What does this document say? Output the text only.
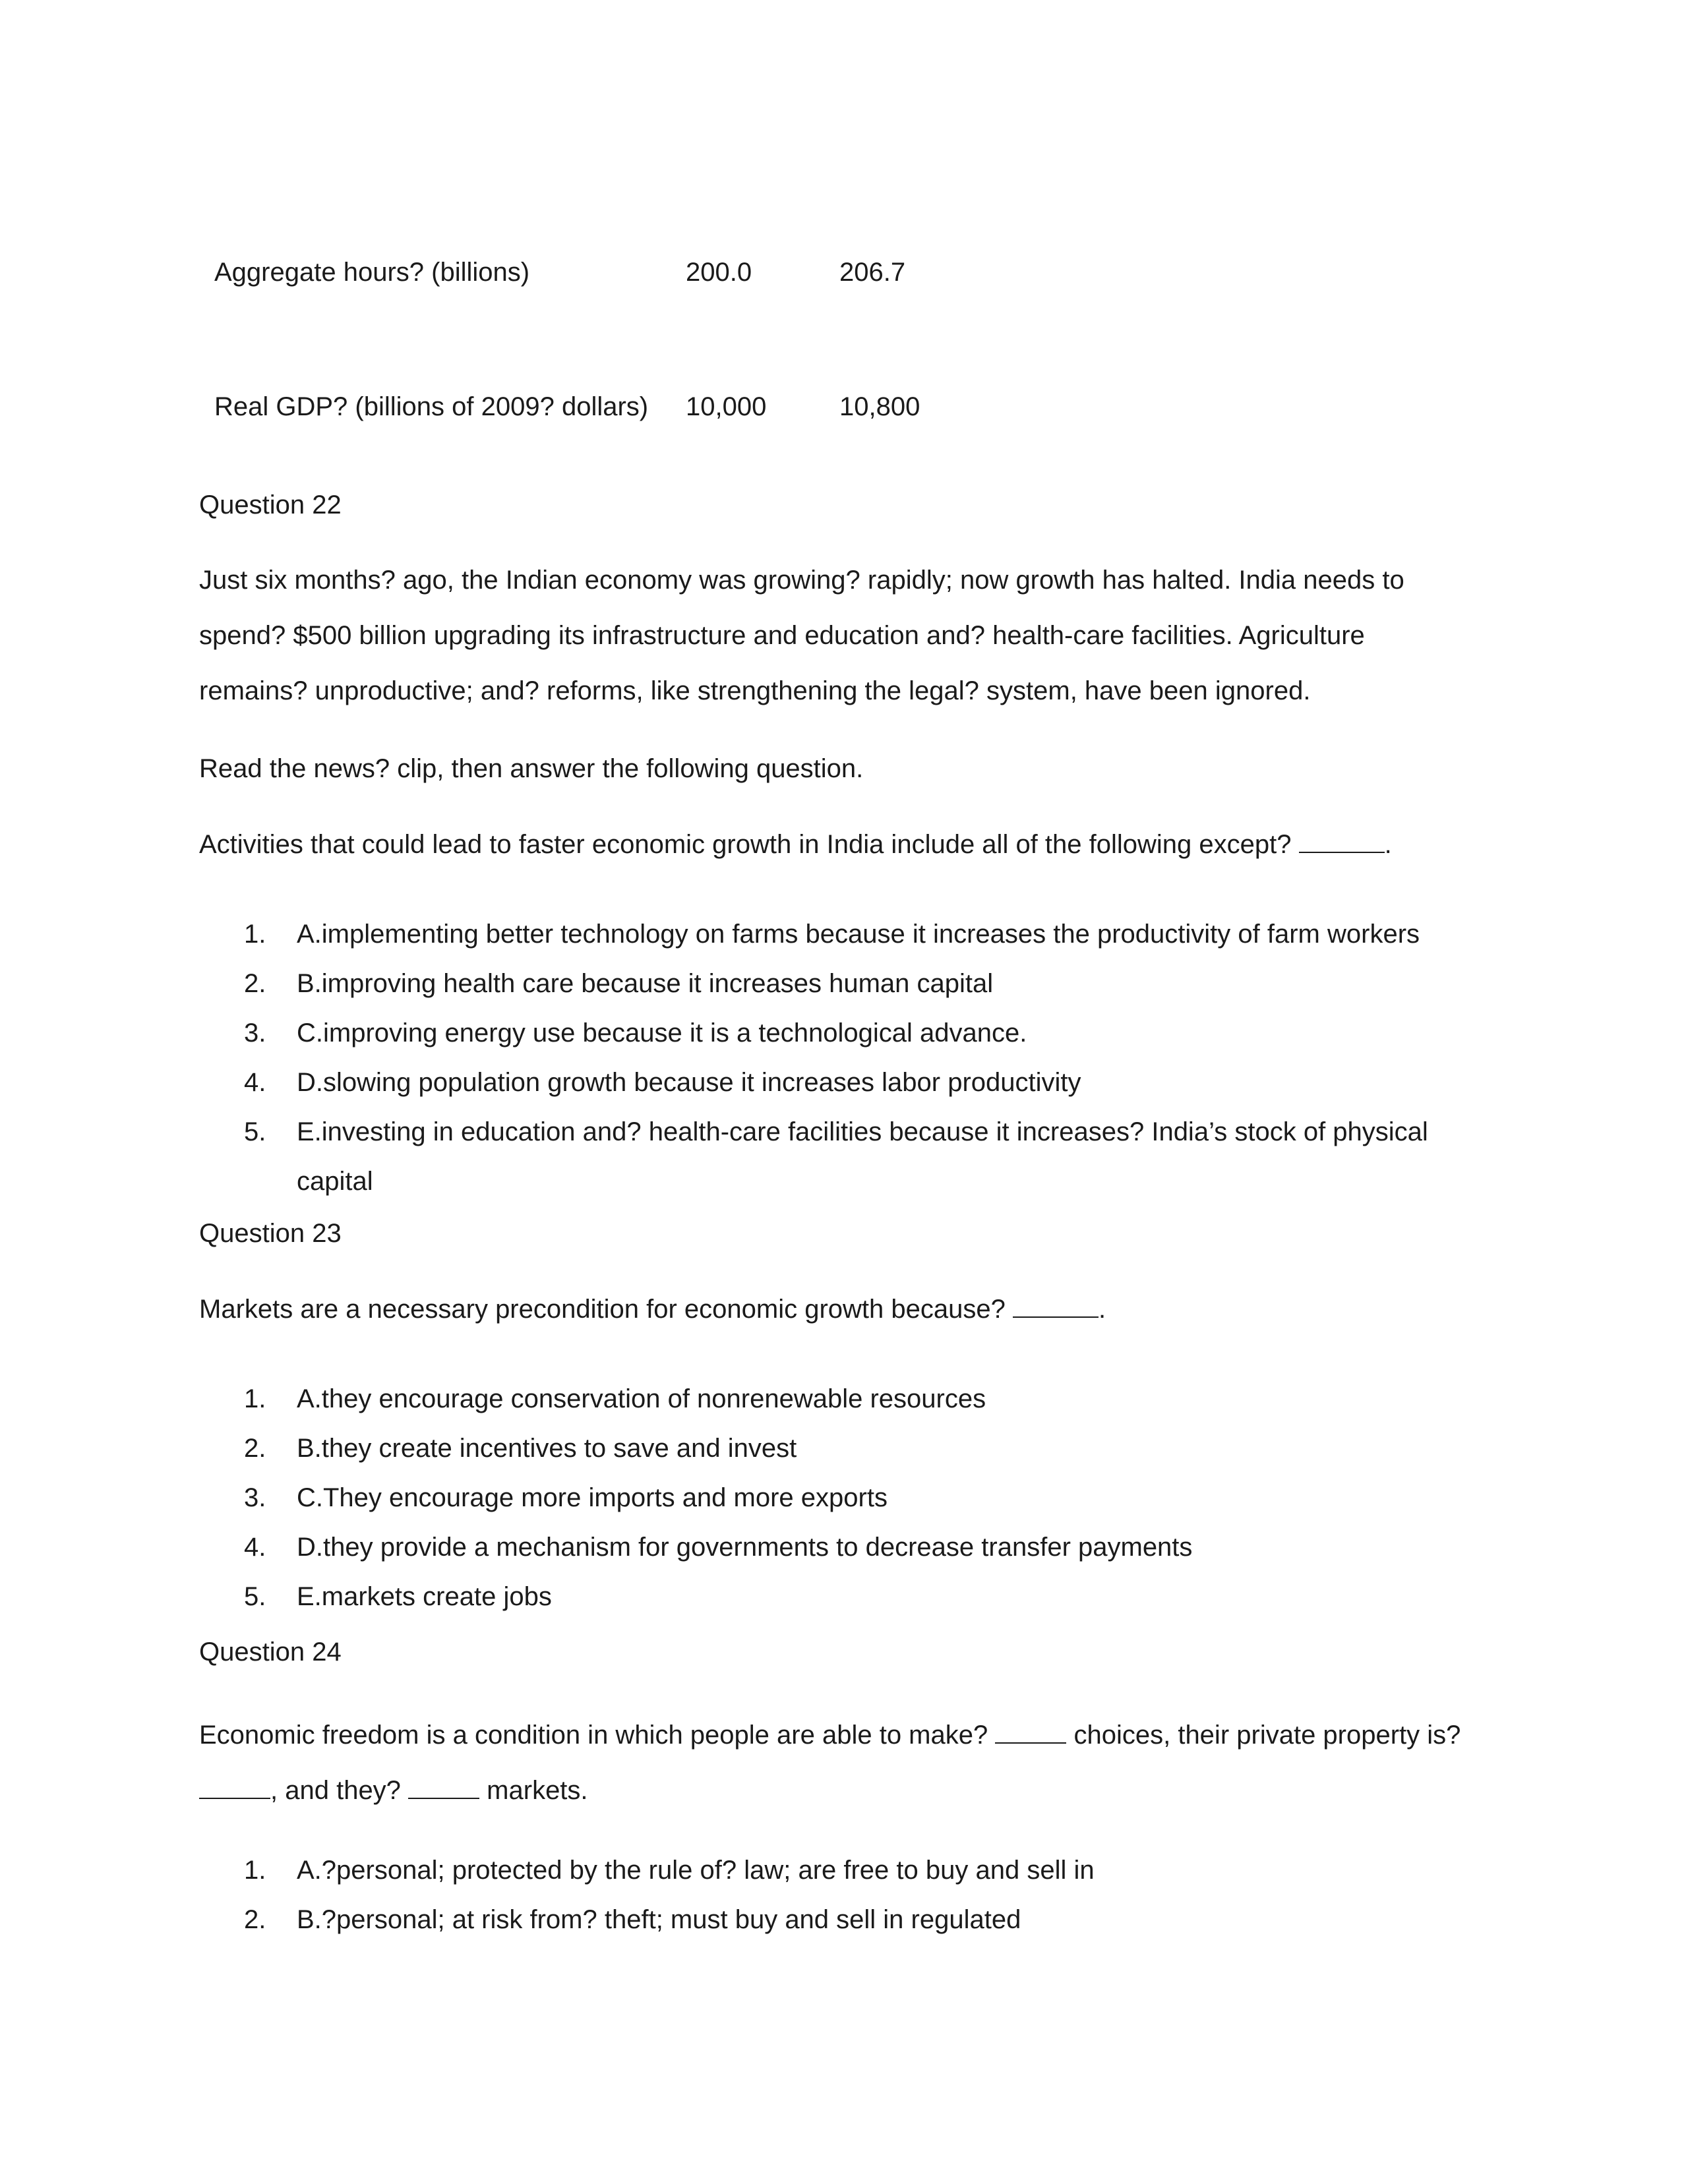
Aggregate hours? (billions)	200.0	206.7
Real GDP? (billions of 2009? dollars) 10,000	10,800
Question 22
Just six months? ago, the Indian economy was growing? rapidly; now growth has halted. India needs to
spend? $500 billion upgrading its infrastructure and education and? health-care facilities. Agriculture
remains? unproductive; and? reforms, like strengthening the legal? system, have been ignored.
Read the news? clip, then answer the following question.
Activities that could lead to faster economic growth in India include all of the following except?	.
1. A.implementing better technology on farms because it increases the productivity of farm workers
2. B.improving health care because it increases human capital
3. C.improving energy use because it is a technological advance.
4. D.slowing population growth because it increases labor productivity
5. E.investing in education and? health-care facilities because it increases? India’s stock of physical
capital
Question 23
Markets are a necessary precondition for economic growth because?	.
1. A.they encourage conservation of nonrenewable resources
2. B.they create incentives to save and invest
3. C.They encourage more imports and more exports
4. D.they provide a mechanism for governments to decrease transfer payments
5. E.markets create jobs
Question 24
Economic freedom is a condition in which people are able to make?	choices, their private property is?
, and they?	markets.
1. A.?personal; protected by the rule of? law; are free to buy and sell in
2. B.?personal; at risk from? theft; must buy and sell in regulated
